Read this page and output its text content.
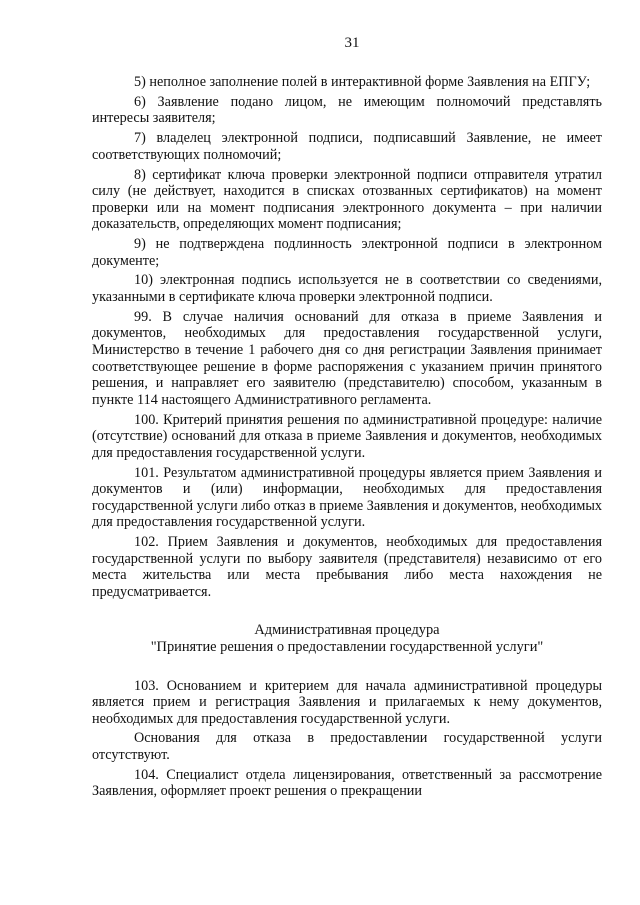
31

5) неполное заполнение полей в интерактивной форме Заявления на ЕПГУ;

6) Заявление подано лицом, не имеющим полномочий представлять интересы заявителя;

7) владелец электронной подписи, подписавший Заявление, не имеет соответствующих полномочий;

8) сертификат ключа проверки электронной подписи отправителя утратил силу (не действует, находится в списках отозванных сертификатов) на момент проверки или на момент подписания электронного документа – при наличии доказательств, определяющих момент подписания;

9) не подтверждена подлинность электронной подписи в электронном документе;

10) электронная подпись используется не в соответствии со сведениями, указанными в сертификате ключа проверки электронной подписи.

99. В случае наличия оснований для отказа в приеме Заявления и документов, необходимых для предоставления государственной услуги, Министерство в течение 1 рабочего дня со дня регистрации Заявления принимает соответствующее решение в форме распоряжения с указанием причин принятого решения, и направляет его заявителю (представителю) способом, указанным в пункте 114 настоящего Административного регламента.

100. Критерий принятия решения по административной процедуре: наличие (отсутствие) оснований для отказа в приеме Заявления и документов, необходимых для предоставления государственной услуги.

101. Результатом административной процедуры является прием Заявления и документов и (или) информации, необходимых для предоставления государственной услуги либо отказ в приеме Заявления и документов, необходимых для предоставления государственной услуги.

102. Прием Заявления и документов, необходимых для предоставления государственной услуги по выбору заявителя (представителя) независимо от его места жительства или места пребывания либо места нахождения не предусматривается.

Административная процедура
"Принятие решения о предоставлении государственной услуги"

103. Основанием и критерием для начала административной процедуры является прием и регистрация Заявления и прилагаемых к нему документов, необходимых для предоставления государственной услуги.

Основания для отказа в предоставлении государственной услуги отсутствуют.

104. Специалист отдела лицензирования, ответственный за рассмотрение Заявления, оформляет проект решения о прекращении
